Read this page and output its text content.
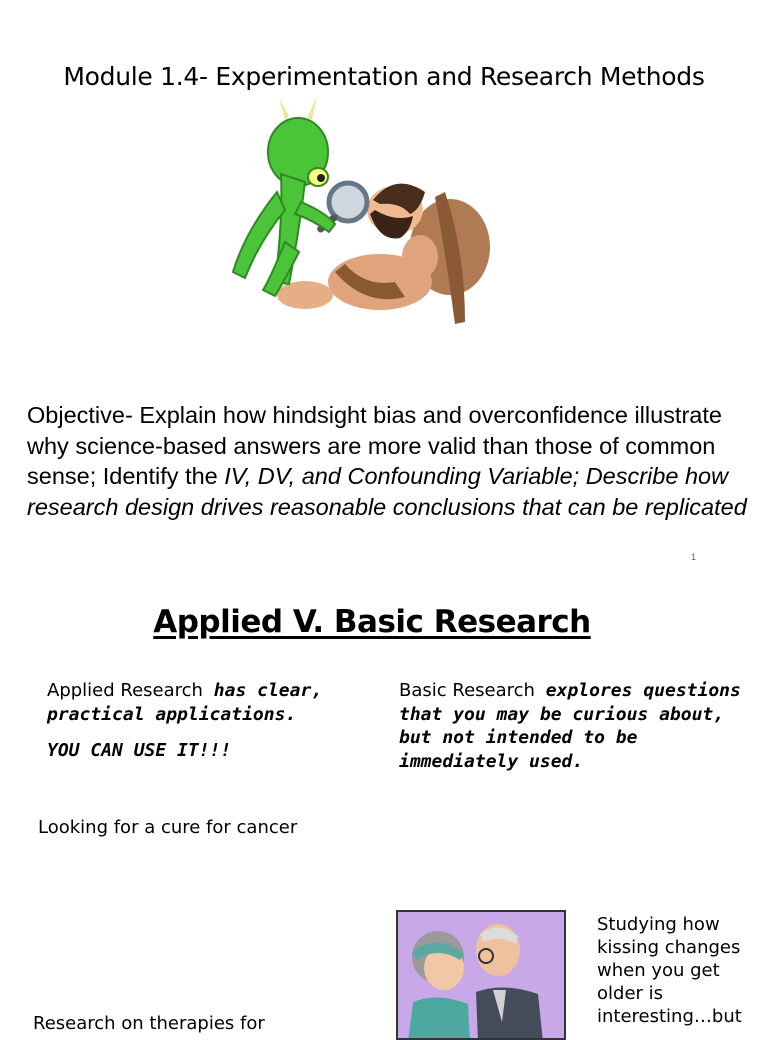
Module 1.4- Experimentation and Research Methods
Objective- Explain how hindsight bias and overconfidence illustrate why science-based answers are more valid than those of common sense; Identify the IV, DV, and Confounding Variable; Describe how research design drives reasonable conclusions that can be replicated
1
Applied V. Basic Research
Applied Research has clear, practical applications.
YOU CAN USE IT!!!
Basic Research explores questions that you may be curious about, but not intended to be immediately used.
Looking for a cure for cancer
Research on therapies for
Studying how kissing changes when you get older is interesting…but
